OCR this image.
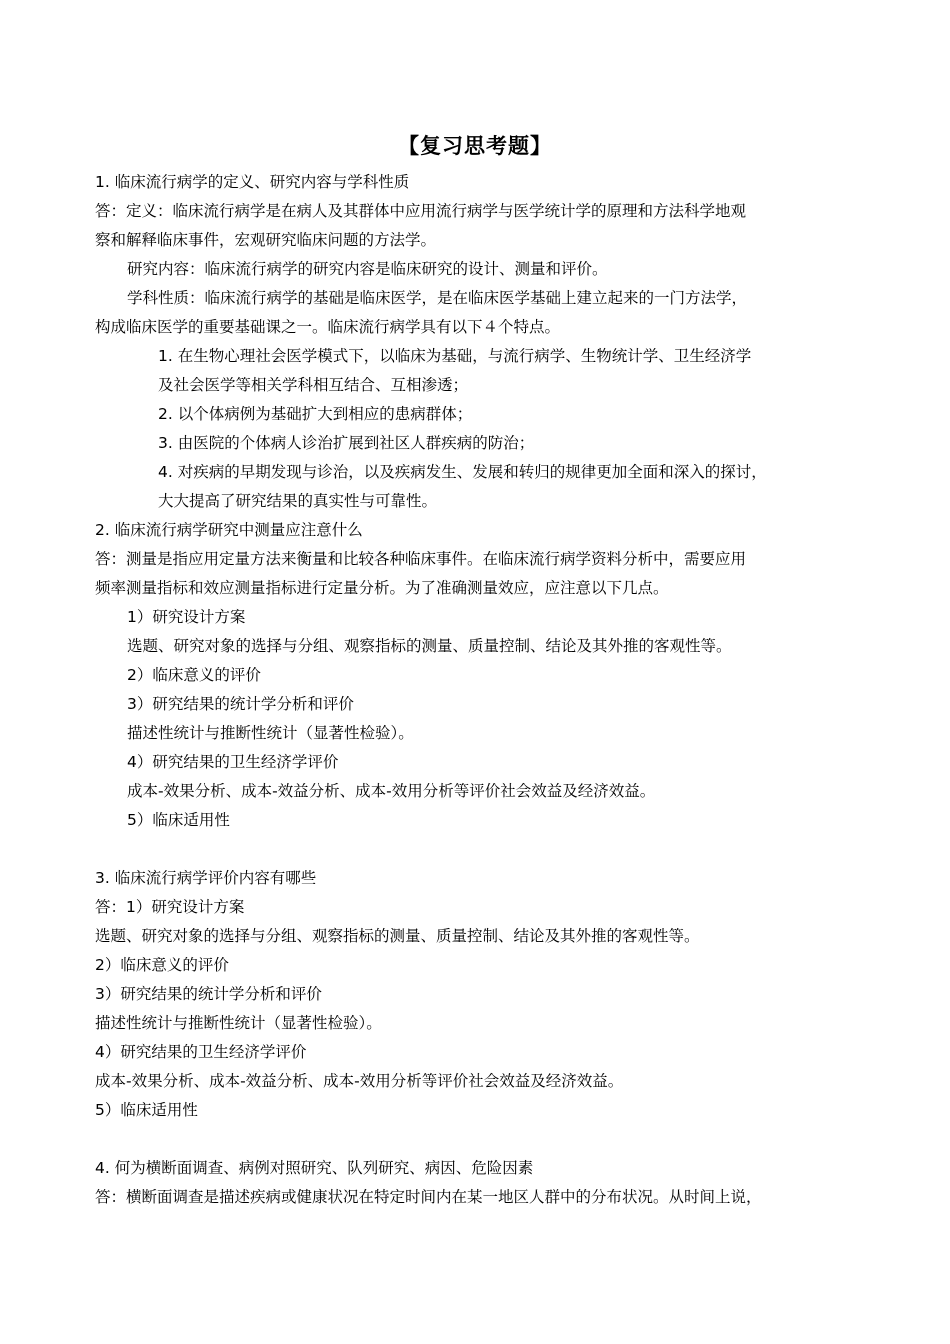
【复习思考题】
1. 临床流行病学的定义、研究内容与学科性质
答：定义：临床流行病学是在病人及其群体中应用流行病学与医学统计学的原理和方法科学地观
察和解释临床事件，宏观研究临床问题的方法学。
研究内容：临床流行病学的研究内容是临床研究的设计、测量和评价。
学科性质：临床流行病学的基础是临床医学，是在临床医学基础上建立起来的一门方法学，
构成临床医学的重要基础课之一。临床流行病学具有以下４个特点。
1. 在生物心理社会医学模式下，以临床为基础，与流行病学、生物统计学、卫生经济学
及社会医学等相关学科相互结合、互相渗透；
2. 以个体病例为基础扩大到相应的患病群体；
3. 由医院的个体病人诊治扩展到社区人群疾病的防治；
4. 对疾病的早期发现与诊治，以及疾病发生、发展和转归的规律更加全面和深入的探讨，
大大提高了研究结果的真实性与可靠性。
2. 临床流行病学研究中测量应注意什么
答：测量是指应用定量方法来衡量和比较各种临床事件。在临床流行病学资料分析中，需要应用
频率测量指标和效应测量指标进行定量分析。为了准确测量效应，应注意以下几点。
1）研究设计方案
选题、研究对象的选择与分组、观察指标的测量、质量控制、结论及其外推的客观性等。
2）临床意义的评价
3）研究结果的统计学分析和评价
描述性统计与推断性统计（显著性检验）。
4）研究结果的卫生经济学评价
成本-效果分析、成本-效益分析、成本-效用分析等评价社会效益及经济效益。
5）临床适用性
3. 临床流行病学评价内容有哪些
答：1）研究设计方案
选题、研究对象的选择与分组、观察指标的测量、质量控制、结论及其外推的客观性等。
2）临床意义的评价
3）研究结果的统计学分析和评价
描述性统计与推断性统计（显著性检验）。
4）研究结果的卫生经济学评价
成本-效果分析、成本-效益分析、成本-效用分析等评价社会效益及经济效益。
5）临床适用性
4. 何为横断面调查、病例对照研究、队列研究、病因、危险因素
答：横断面调查是描述疾病或健康状况在特定时间内在某一地区人群中的分布状况。从时间上说，
